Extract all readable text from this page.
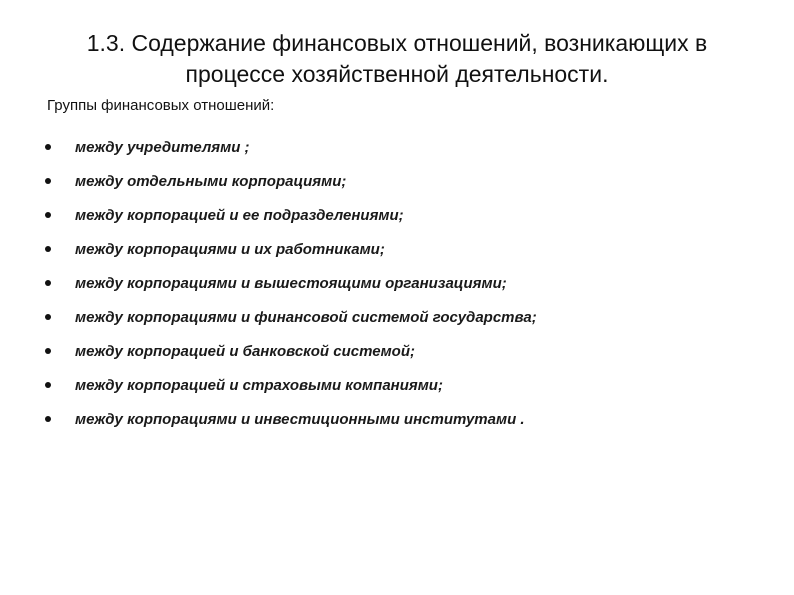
1.3. Содержание финансовых отношений, возникающих в
процессе хозяйственной деятельности.

Группы финансовых отношений:

между учредителями ;
между отдельными корпорациями;
между корпорацией и ее подразделениями;
между корпорациями и их работниками;
между корпорациями и вышестоящими организациями;
между корпорациями и финансовой системой государства;
между корпорацией и банковской системой;
между корпорацией и страховыми компаниями;
между корпорациями и инвестиционными институтами .
